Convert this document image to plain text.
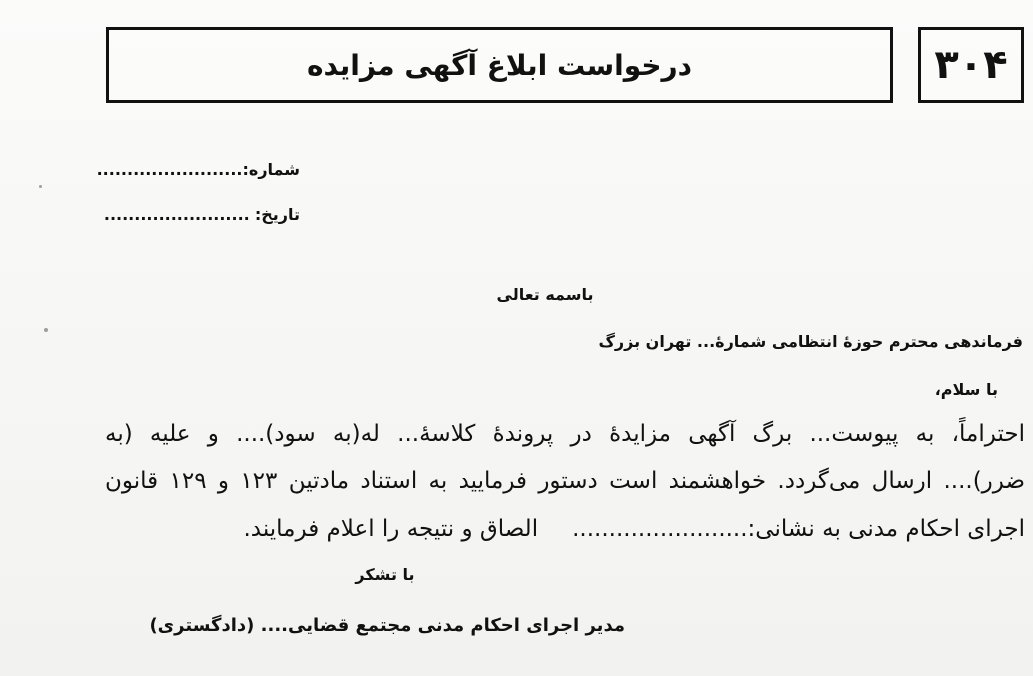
درخواست ابلاغ آگهی مزایده	۳۰۴
شماره:........................
تاریخ: ........................
باسمه تعالی
فرماندهی محترم حوزهٔ انتظامی شمارهٔ... تهران بزرگ
با سلام،
احتراماً، به پیوست... برگ آگهی مزایدهٔ در پروندهٔ کلاسهٔ... له(به سود).... و علیه (به
ضرر).... ارسال می‌گردد. خواهشمند است دستور فرمایید به استناد مادتین ۱۲۳ و ۱۲۹ قانون
اجرای احکام مدنی به نشانی:........................الصاق و نتیجه را اعلام فرمایند.
با تشکر
مدیر اجرای احکام مدنی مجتمع قضایی.... (دادگستری)
